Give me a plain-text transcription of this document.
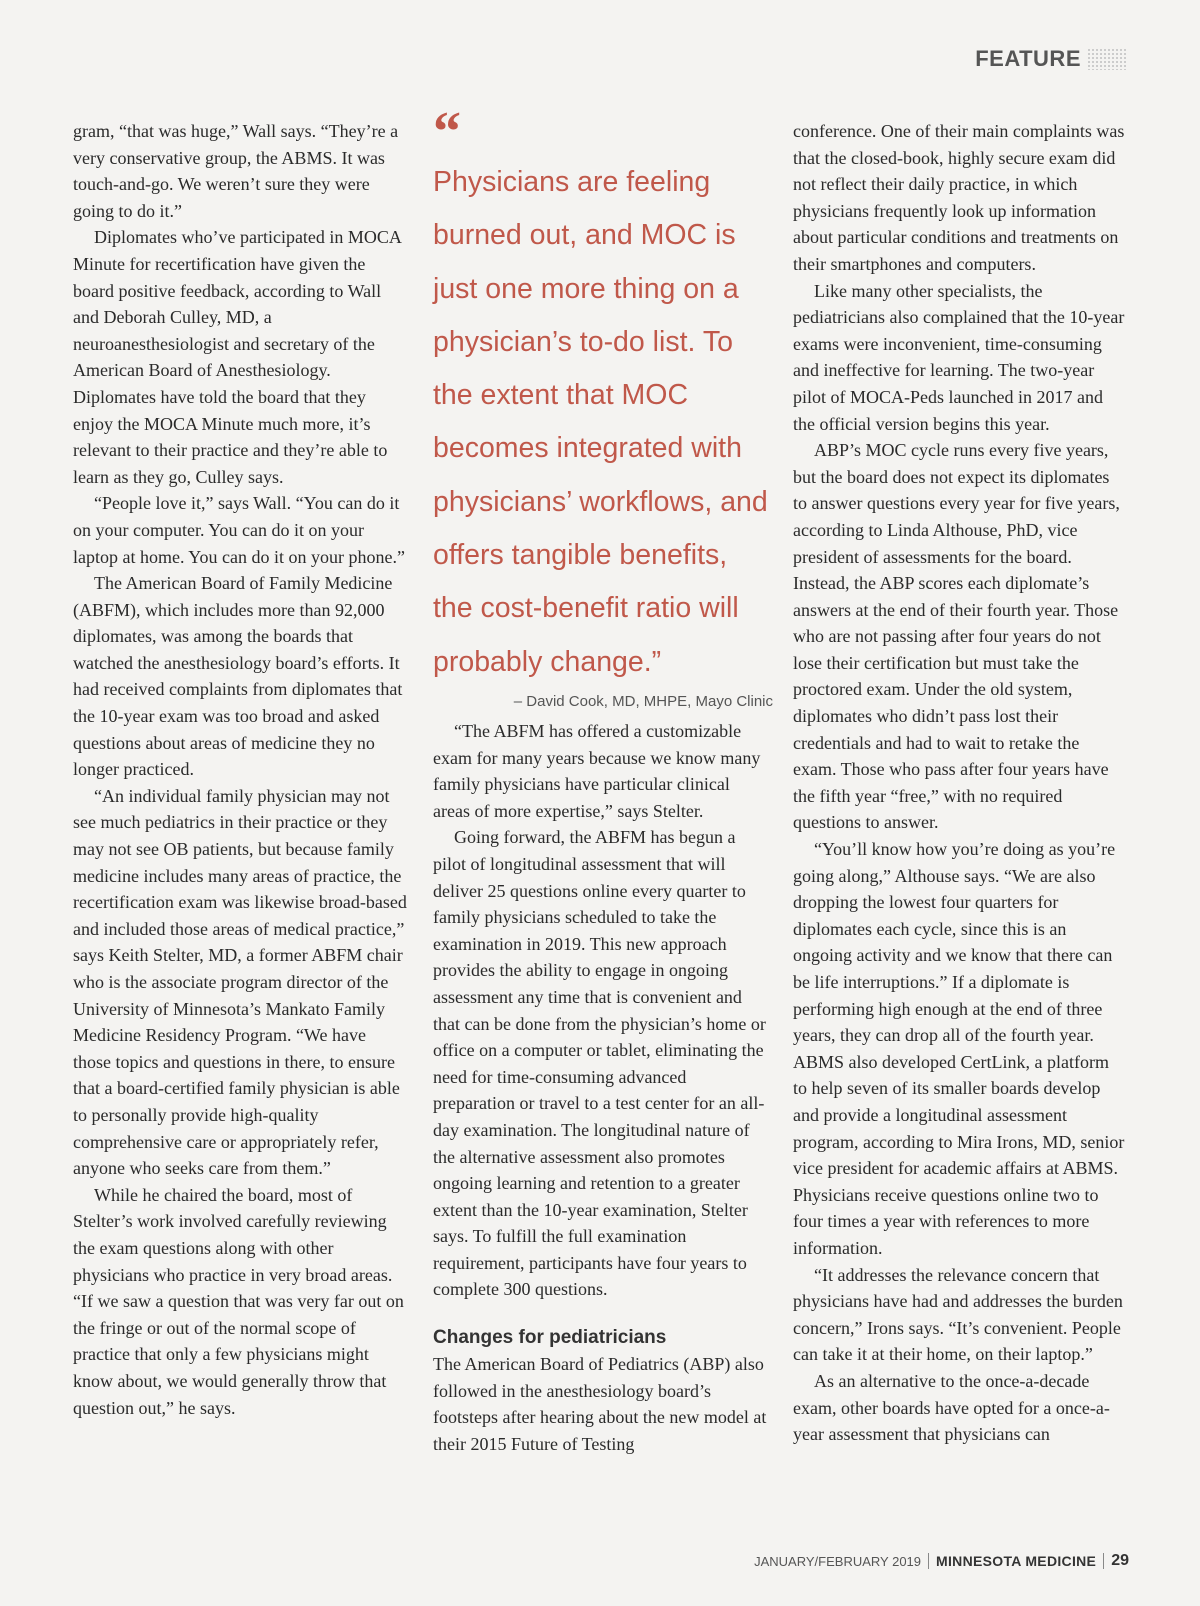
FEATURE

gram, “that was huge,” Wall says. “They’re a very conservative group, the ABMS. It was touch-and-go. We weren’t sure they were going to do it.”

Diplomates who’ve participated in MOCA Minute for recertification have given the board positive feedback, according to Wall and Deborah Culley, MD, a neuroanesthesiologist and secretary of the American Board of Anesthesiology. Diplomates have told the board that they enjoy the MOCA Minute much more, it’s relevant to their practice and they’re able to learn as they go, Culley says.

“People love it,” says Wall. “You can do it on your computer. You can do it on your laptop at home. You can do it on your phone.”

The American Board of Family Medicine (ABFM), which includes more than 92,000 diplomates, was among the boards that watched the anesthesiology board’s efforts. It had received complaints from diplomates that the 10-year exam was too broad and asked questions about areas of medicine they no longer practiced.

“An individual family physician may not see much pediatrics in their practice or they may not see OB patients, but because family medicine includes many areas of practice, the recertification exam was likewise broad-based and included those areas of medical practice,” says Keith Stelter, MD, a former ABFM chair who is the associate program director of the University of Minnesota’s Mankato Family Medicine Residency Program. “We have those topics and questions in there, to ensure that a board-certified family physician is able to personally provide high-quality comprehensive care or appropriately refer, anyone who seeks care from them.”

While he chaired the board, most of Stelter’s work involved carefully reviewing the exam questions along with other physicians who practice in very broad areas. “If we saw a question that was very far out on the fringe or out of the normal scope of practice that only a few physicians might know about, we would generally throw that question out,” he says.

“
Physicians are feeling burned out, and MOC is just one more thing on a physician’s to-do list. To the extent that MOC becomes integrated with physicians’ workflows, and offers tangible benefits, the cost-benefit ratio will probably change.”
– David Cook, MD, MHPE, Mayo Clinic

“The ABFM has offered a customizable exam for many years because we know many family physicians have particular clinical areas of more expertise,” says Stelter.

Going forward, the ABFM has begun a pilot of longitudinal assessment that will deliver 25 questions online every quarter to family physicians scheduled to take the examination in 2019. This new approach provides the ability to engage in ongoing assessment any time that is convenient and that can be done from the physician’s home or office on a computer or tablet, eliminating the need for time-consuming advanced preparation or travel to a test center for an all-day examination. The longitudinal nature of the alternative assessment also promotes ongoing learning and retention to a greater extent than the 10-year examination, Stelter says. To fulfill the full examination requirement, participants have four years to complete 300 questions.

Changes for pediatricians

The American Board of Pediatrics (ABP) also followed in the anesthesiology board’s footsteps after hearing about the new model at their 2015 Future of Testing

conference. One of their main complaints was that the closed-book, highly secure exam did not reflect their daily practice, in which physicians frequently look up information about particular conditions and treatments on their smartphones and computers.

Like many other specialists, the pediatricians also complained that the 10-year exams were inconvenient, time-consuming and ineffective for learning. The two-year pilot of MOCA-Peds launched in 2017 and the official version begins this year.

ABP’s MOC cycle runs every five years, but the board does not expect its diplomates to answer questions every year for five years, according to Linda Althouse, PhD, vice president of assessments for the board. Instead, the ABP scores each diplomate’s answers at the end of their fourth year. Those who are not passing after four years do not lose their certification but must take the proctored exam. Under the old system, diplomates who didn’t pass lost their credentials and had to wait to retake the exam. Those who pass after four years have the fifth year “free,” with no required questions to answer.

“You’ll know how you’re doing as you’re going along,” Althouse says. “We are also dropping the lowest four quarters for diplomates each cycle, since this is an ongoing activity and we know that there can be life interruptions.” If a diplomate is performing high enough at the end of three years, they can drop all of the fourth year. ABMS also developed CertLink, a platform to help seven of its smaller boards develop and provide a longitudinal assessment program, according to Mira Irons, MD, senior vice president for academic affairs at ABMS. Physicians receive questions online two to four times a year with references to more information.

“It addresses the relevance concern that physicians have had and addresses the burden concern,” Irons says. “It’s convenient. People can take it at their home, on their laptop.”

As an alternative to the once-a-decade exam, other boards have opted for a once-a-year assessment that physicians can

JANUARY/FEBRUARY 2019 MINNESOTA MEDICINE 29
